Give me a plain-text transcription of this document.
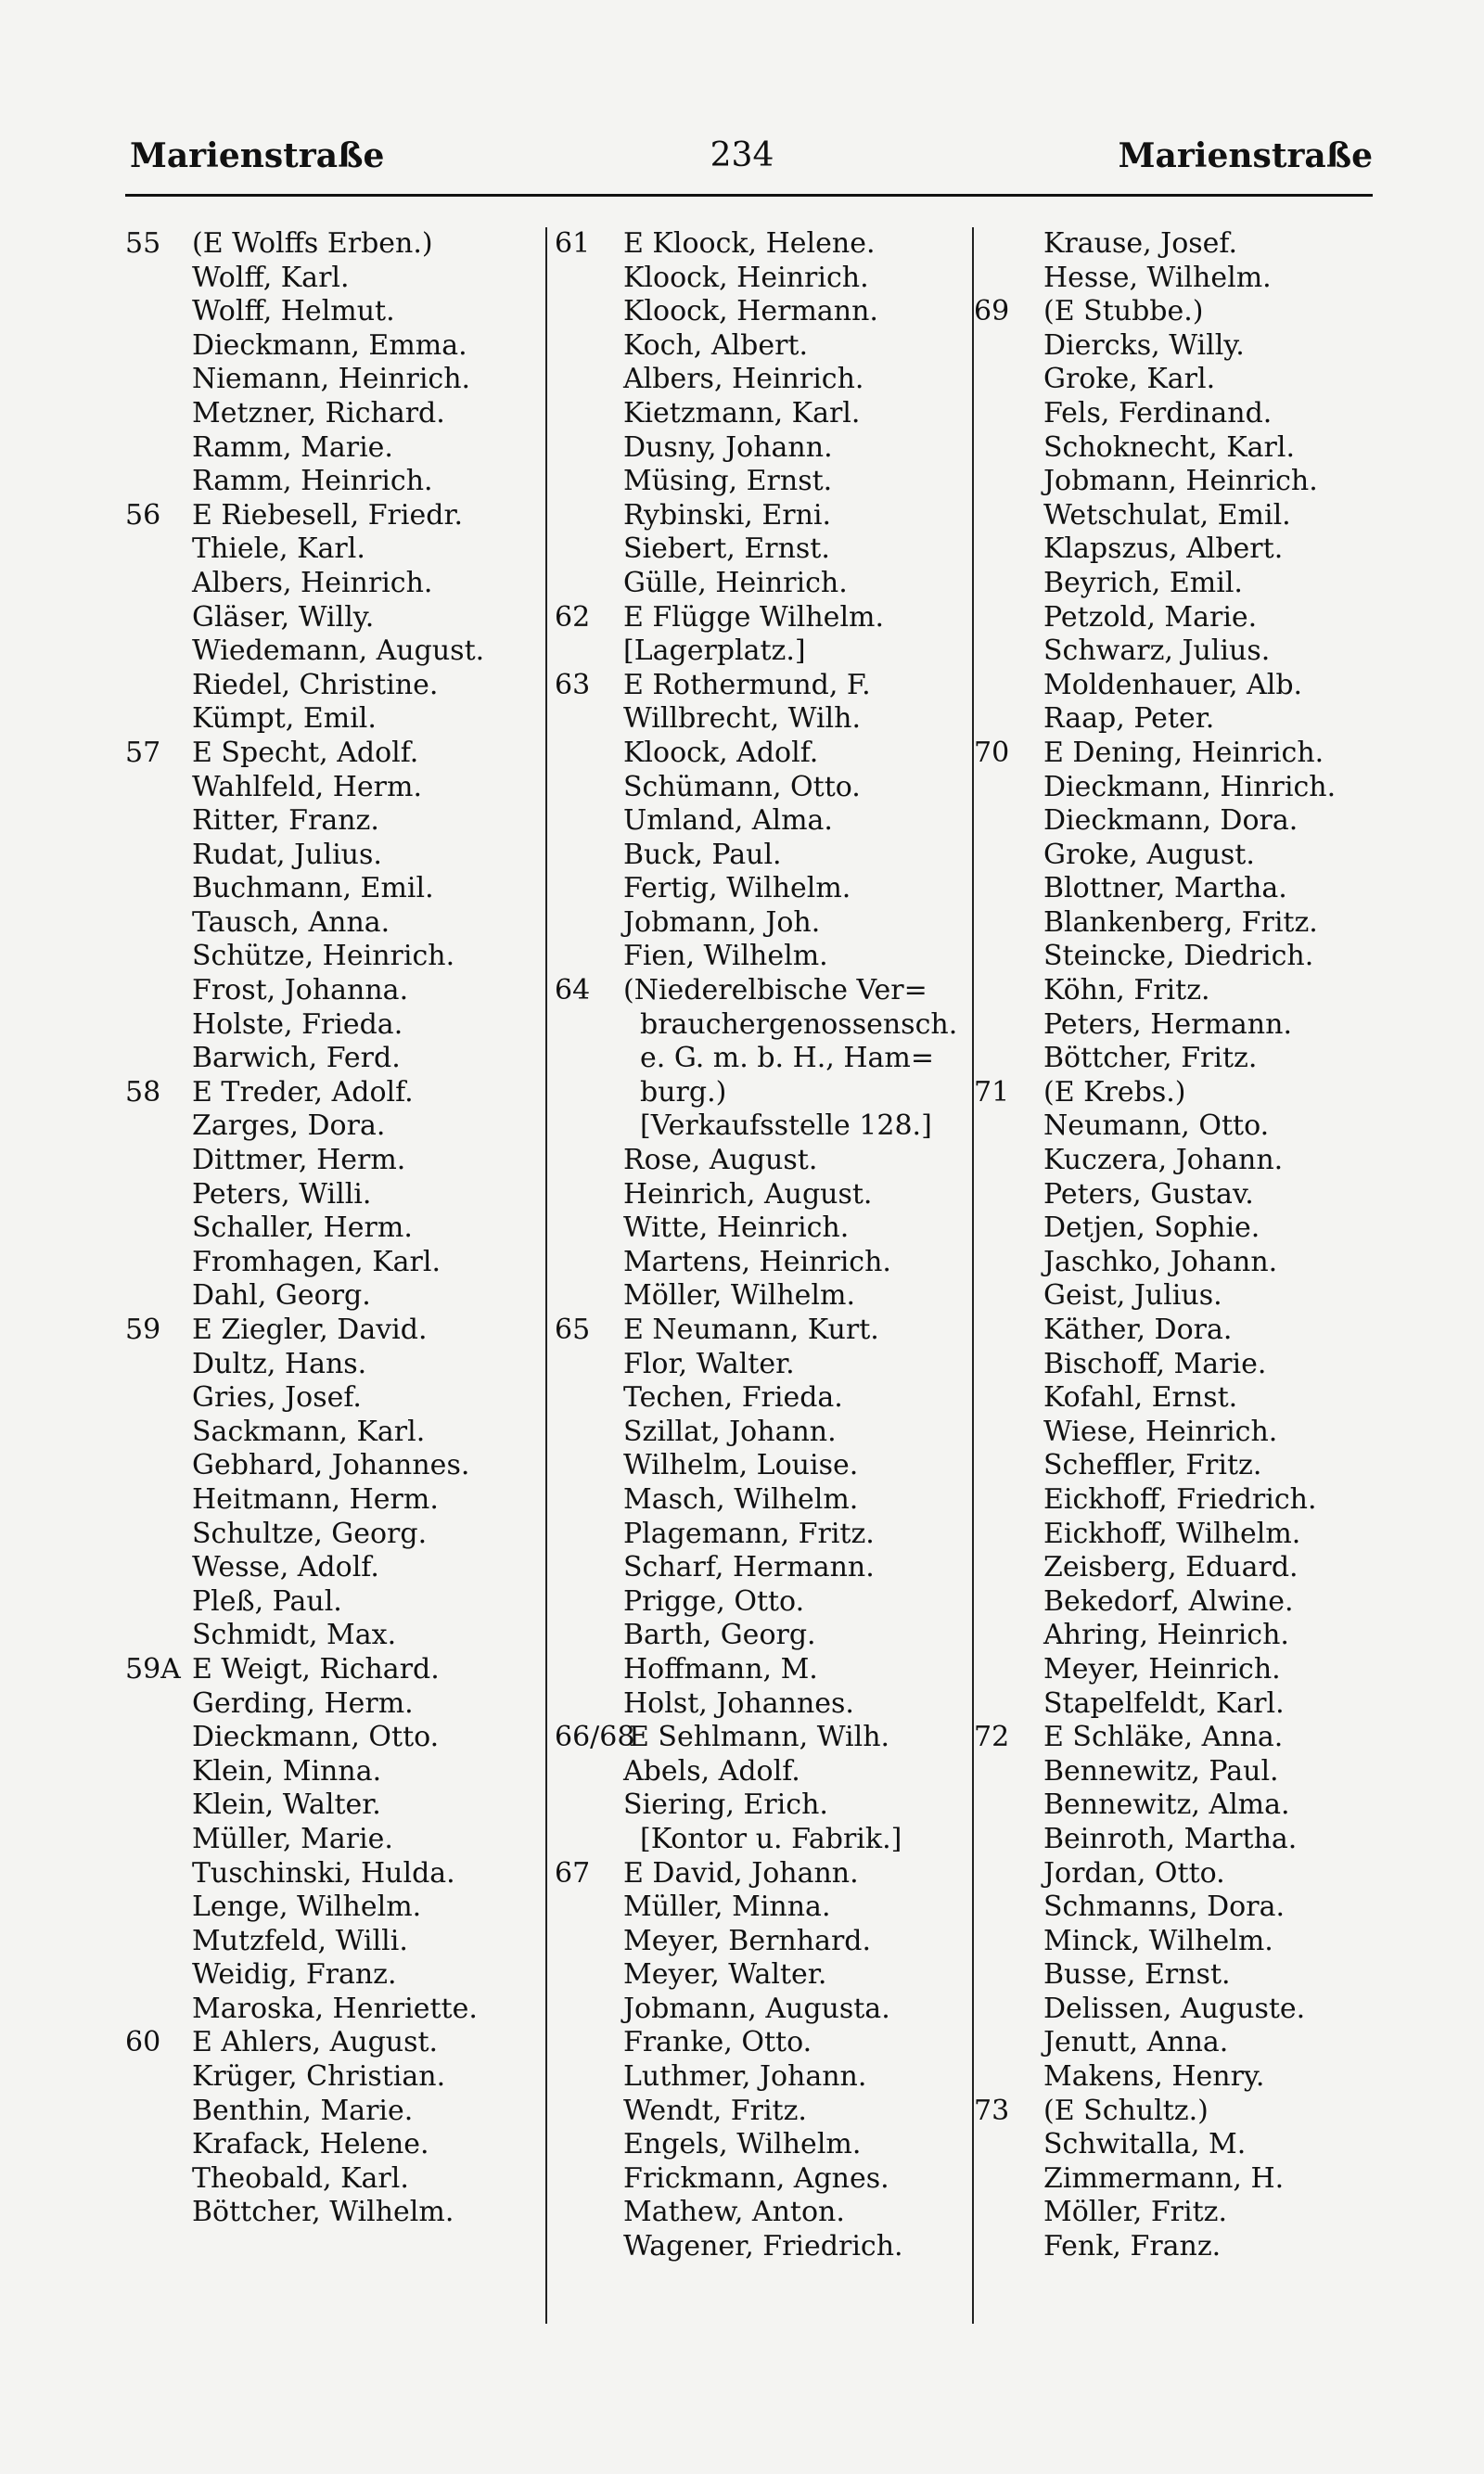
234
Marienstraße	Marienstraße
55 (E Wolffs Erben.)
Wolff, Karl.
Wolff, Helmut.
Dieckmann, Emma.
Niemann, Heinrich.
Metzner, Richard.
Ramm, Marie.
Ramm, Heinrich.
56 E Riebesell, Friedr.
Thiele, Karl.
Albers, Heinrich.
Gläser, Willy.
Wiedemann, August.
Riedel, Christine.
Kümpt, Emil.
57 E Specht, Adolf.
Wahlfeld, Herm.
Ritter, Franz.
Rudat, Julius.
Buchmann, Emil.
Tausch, Anna.
Schütze, Heinrich.
Frost, Johanna.
Holste, Frieda.
Barwich, Ferd.
58 E Treder, Adolf.
Zarges, Dora.
Dittmer, Herm.
Peters, Willi.
Schaller, Herm.
Fromhagen, Karl.
Dahl, Georg.
59 E Ziegler, David.
Dultz, Hans.
Gries, Josef.
Sackmann, Karl.
Gebhard, Johannes.
Heitmann, Herm.
Schultze, Georg.
Wesse, Adolf.
Pleß, Paul.
Schmidt, Max.
59A E Weigt, Richard.
Gerding, Herm.
Dieckmann, Otto.
Klein, Minna.
Klein, Walter.
Müller, Marie.
Tuschinski, Hulda.
Lenge, Wilhelm.
Mutzfeld, Willi.
Weidig, Franz.
Maroska, Henriette.
60 E Ahlers, August.
Krüger, Christian.
Benthin, Marie.
Krafack, Helene.
Theobald, Karl.
Böttcher, Wilhelm.
61 E Kloock, Helene.
Kloock, Heinrich.
Kloock, Hermann.
Koch, Albert.
Albers, Heinrich.
Kietzmann, Karl.
Dusny, Johann.
Müsing, Ernst.
Rybinski, Erni.
Siebert, Ernst.
Gülle, Heinrich.
62 E Flügge Wilhelm.
[Lagerplatz.]
63 E Rothermund, F.
Willbrecht, Wilh.
Kloock, Adolf.
Schümann, Otto.
Umland, Alma.
Buck, Paul.
Fertig, Wilhelm.
Jobmann, Joh.
Fien, Wilhelm.
64 (Niederelbische Ver=
brauchergenossensch.
e. G. m. b. H., Ham=
burg.)
[Verkaufsstelle 128.]
Rose, August.
Heinrich, August.
Witte, Heinrich.
Martens, Heinrich.
Möller, Wilhelm.
65 E Neumann, Kurt.
Flor, Walter.
Techen, Frieda.
Szillat, Johann.
Wilhelm, Louise.
Masch, Wilhelm.
Plagemann, Fritz.
Scharf, Hermann.
Prigge, Otto.
Barth, Georg.
Hoffmann, M.
Holst, Johannes.
66/68
E Sehlmann, Wilh.
Abels, Adolf.
Siering, Erich.
[Kontor u. Fabrik.]
67 E David, Johann.
Müller, Minna.
Meyer, Bernhard.
Meyer, Walter.
Jobmann, Augusta.
Franke, Otto.
Luthmer, Johann.
Wendt, Fritz.
Engels, Wilhelm.
Frickmann, Agnes.
Mathew, Anton.
Wagener, Friedrich.
Krause, Josef.
Hesse, Wilhelm.
69 (E Stubbe.)
Diercks, Willy.
Groke, Karl.
Fels, Ferdinand.
Schoknecht, Karl.
Jobmann, Heinrich.
Wetschulat, Emil.
Klapszus, Albert.
Beyrich, Emil.
Petzold, Marie.
Schwarz, Julius.
Moldenhauer, Alb.
Raap, Peter.
70 E Dening, Heinrich.
Dieckmann, Hinrich.
Dieckmann, Dora.
Groke, August.
Blottner, Martha.
Blankenberg, Fritz.
Steincke, Diedrich.
Köhn, Fritz.
Peters, Hermann.
Böttcher, Fritz.
71 (E Krebs.)
Neumann, Otto.
Kuczera, Johann.
Peters, Gustav.
Detjen, Sophie.
Jaschko, Johann.
Geist, Julius.
Käther, Dora.
Bischoff, Marie.
Kofahl, Ernst.
Wiese, Heinrich.
Scheffler, Fritz.
Eickhoff, Friedrich.
Eickhoff, Wilhelm.
Zeisberg, Eduard.
Bekedorf, Alwine.
Ahring, Heinrich.
Meyer, Heinrich.
Stapelfeldt, Karl.
72 E Schläke, Anna.
Bennewitz, Paul.
Bennewitz, Alma.
Beinroth, Martha.
Jordan, Otto.
Schmanns, Dora.
Minck, Wilhelm.
Busse, Ernst.
Delissen, Auguste.
Jenutt, Anna.
Makens, Henry.
73 (E Schultz.)
Schwitalla, M.
Zimmermann, H.
Möller, Fritz.
Fenk, Franz.
